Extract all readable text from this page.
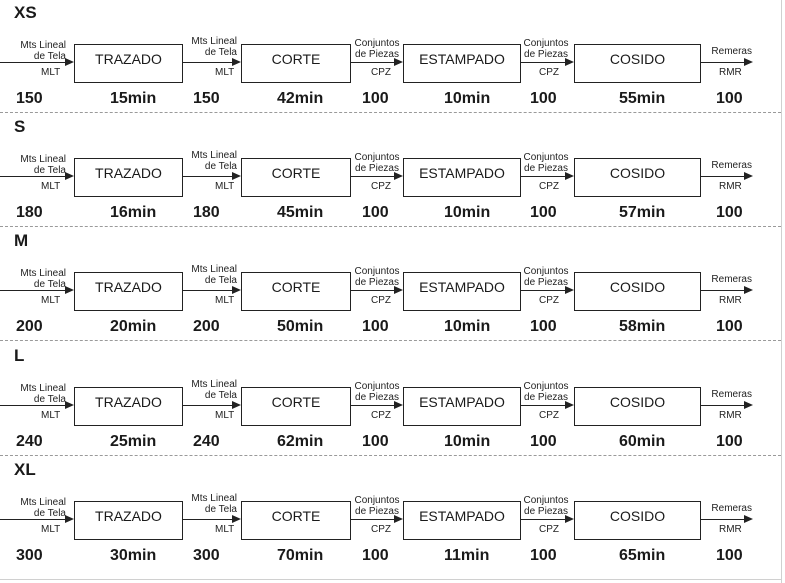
XS
TRAZADO	CORTE	ESTAMPADO	COSIDO
Mts Lineal
de Tela
Mts Lineal
de Tela
Conjuntos
de Piezas
Conjuntos
de Piezas	Remeras
MLT	MLT	CPZ	CPZ	RMR
150	15min 150	42min 100	10min 100	55min	100
S
TRAZADO	CORTE	ESTAMPADO	COSIDO
Mts Lineal
de Tela
Mts Lineal
de Tela
Conjuntos
de Piezas
Conjuntos
de Piezas	Remeras
MLT	MLT	CPZ	CPZ	RMR
180	16min 180	45min 100	10min 100	57min	100
M
TRAZADO	CORTE	ESTAMPADO	COSIDO
Mts Lineal
de Tela
Mts Lineal
de Tela
Conjuntos
de Piezas
Conjuntos
de Piezas	Remeras
MLT	MLT	CPZ	CPZ	RMR
200	20min 200	50min 100	10min 100	58min	100
L
TRAZADO	CORTE	ESTAMPADO	COSIDO
Mts Lineal
de Tela
Mts Lineal
de Tela
Conjuntos
de Piezas
Conjuntos
de Piezas	Remeras
MLT	MLT	CPZ	CPZ	RMR
240	25min 240	62min 100	10min 100	60min	100
XL
TRAZADO	CORTE	ESTAMPADO	COSIDO
Mts Lineal
de Tela
Mts Lineal
de Tela
Conjuntos
de Piezas
Conjuntos
de Piezas	Remeras
MLT	MLT	CPZ	CPZ	RMR
300	30min 300	70min 100	11min	100	65min	100
